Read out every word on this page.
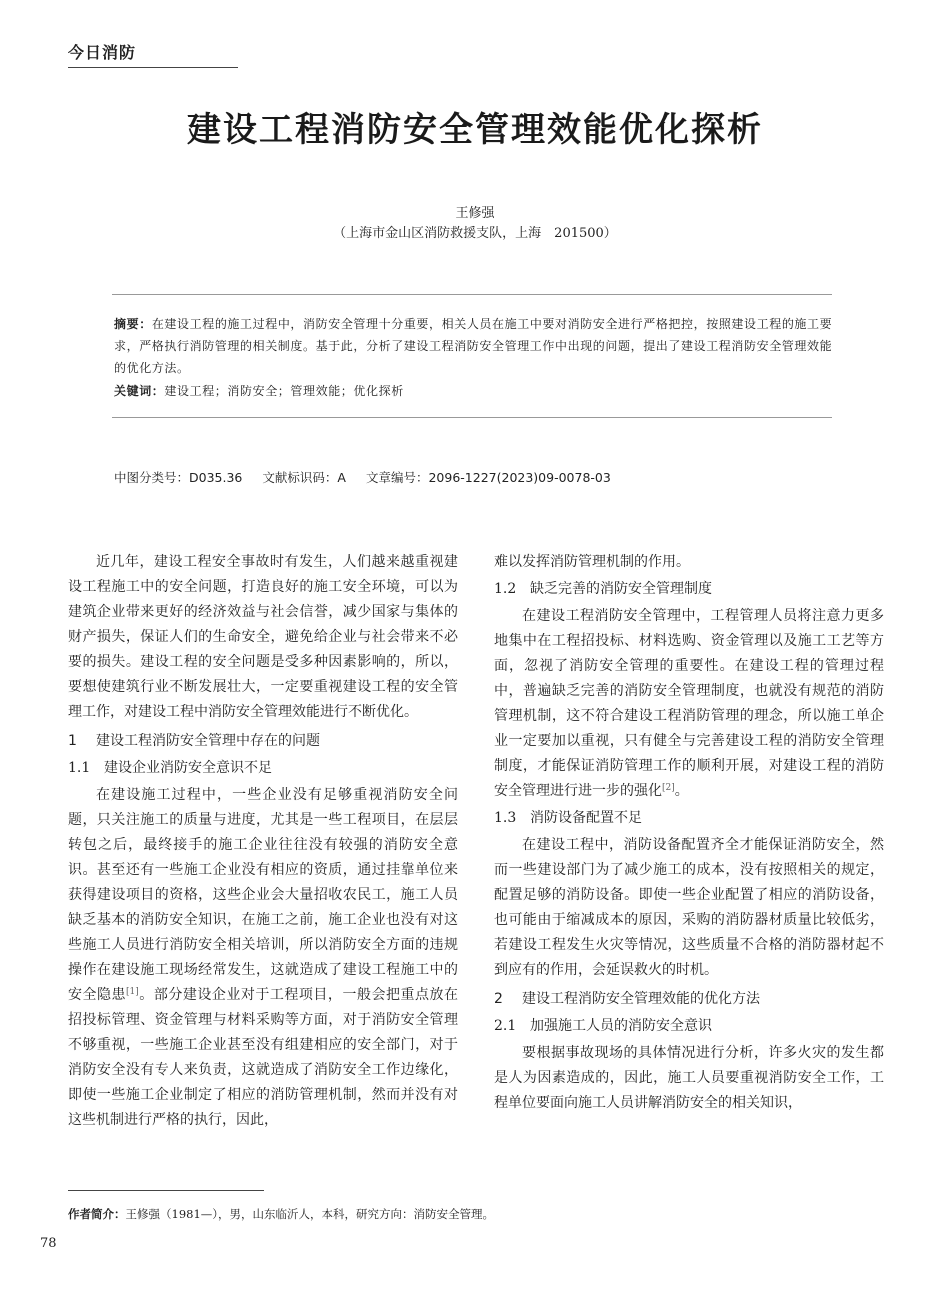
今日消防
建设工程消防安全管理效能优化探析
王修强
（上海市金山区消防救援支队，上海　201500）
摘要：在建设工程的施工过程中，消防安全管理十分重要，相关人员在施工中要对消防安全进行严格把控，按照建设工程的施工要求，严格执行消防管理的相关制度。基于此，分析了建设工程消防安全管理工作中出现的问题，提出了建设工程消防安全管理效能的优化方法。
关键词：建设工程；消防安全；管理效能；优化探析
中图分类号：D035.36 文献标识码：A 文章编号：2096-1227(2023)09-0078-03

近几年，建设工程安全事故时有发生，人们越来越重视建设工程施工中的安全问题，打造良好的施工安全环境，可以为建筑企业带来更好的经济效益与社会信誉，减少国家与集体的财产损失，保证人们的生命安全，避免给企业与社会带来不必要的损失。建设工程的安全问题是受多种因素影响的，所以，要想使建筑行业不断发展壮大，一定要重视建设工程的安全管理工作，对建设工程中消防安全管理效能进行不断优化。

1 建设工程消防安全管理中存在的问题
1.1 建设企业消防安全意识不足

在建设施工过程中，一些企业没有足够重视消防安全问题，只关注施工的质量与进度，尤其是一些工程项目，在层层转包之后，最终接手的施工企业往往没有较强的消防安全意识。甚至还有一些施工企业没有相应的资质，通过挂靠单位来获得建设项目的资格，这些企业会大量招收农民工，施工人员缺乏基本的消防安全知识，在施工之前，施工企业也没有对这些施工人员进行消防安全相关培训，所以消防安全方面的违规操作在建设施工现场经常发生，这就造成了建设工程施工中的安全隐患[1]。部分建设企业对于工程项目，一般会把重点放在招投标管理、资金管理与材料采购等方面，对于消防安全管理不够重视，一些施工企业甚至没有组建相应的安全部门，对于消防安全没有专人来负责，这就造成了消防安全工作边缘化，即使一些施工企业制定了相应的消防管理机制，然而并没有对这些机制进行严格的执行，因此，

难以发挥消防管理机制的作用。

1.2 缺乏完善的消防安全管理制度

在建设工程消防安全管理中，工程管理人员将注意力更多地集中在工程招投标、材料选购、资金管理以及施工工艺等方面，忽视了消防安全管理的重要性。在建设工程的管理过程中，普遍缺乏完善的消防安全管理制度，也就没有规范的消防管理机制，这不符合建设工程消防管理的理念，所以施工单企业一定要加以重视，只有健全与完善建设工程的消防安全管理制度，才能保证消防管理工作的顺利开展，对建设工程的消防安全管理进行进一步的强化[2]。

1.3 消防设备配置不足

在建设工程中，消防设备配置齐全才能保证消防安全，然而一些建设部门为了减少施工的成本，没有按照相关的规定，配置足够的消防设备。即使一些企业配置了相应的消防设备，也可能由于缩减成本的原因，采购的消防器材质量比较低劣，若建设工程发生火灾等情况，这些质量不合格的消防器材起不到应有的作用，会延误救火的时机。

2 建设工程消防安全管理效能的优化方法
2.1 加强施工人员的消防安全意识

要根据事故现场的具体情况进行分析，许多火灾的发生都是人为因素造成的，因此，施工人员要重视消防安全工作，工程单位要面向施工人员讲解消防安全的相关知识，

作者简介：王修强（1981—），男，山东临沂人，本科，研究方向：消防安全管理。
78
